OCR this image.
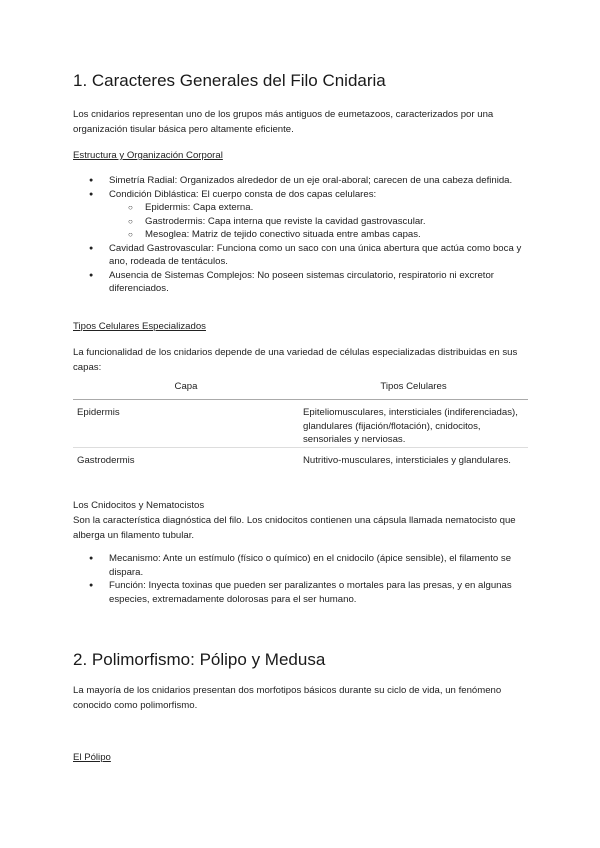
1. Caracteres Generales del Filo Cnidaria

Los cnidarios representan uno de los grupos más antiguos de eumetazoos, caracterizados por una organización tisular básica pero altamente eficiente.

Estructura y Organización Corporal
● Simetría Radial: Organizados alrededor de un eje oral-aboral; carecen de una cabeza definida.
● Condición Diblástica: El cuerpo consta de dos capas celulares:
○ Epidermis: Capa externa.
○ Gastrodermis: Capa interna que reviste la cavidad gastrovascular.
○ Mesoglea: Matriz de tejido conectivo situada entre ambas capas.
● Cavidad Gastrovascular: Funciona como un saco con una única abertura que actúa como boca y ano, rodeada de tentáculos.
● Ausencia de Sistemas Complejos: No poseen sistemas circulatorio, respiratorio ni excretor diferenciados.
Tipos Celulares Especializados

La funcionalidad de los cnidarios depende de una variedad de células especializadas distribuidas en sus capas:

Capa	Tipos Celulares
Epidermis	Epiteliomusculares, intersticiales (indiferenciadas), glandulares (fijación/flotación), cnidocitos, sensoriales y nerviosas.
Gastrodermis	Nutritivo-musculares, intersticiales y glandulares.
Los Cnidocitos y Nematocistos

Son la característica diagnóstica del filo. Los cnidocitos contienen una cápsula llamada nematocisto que alberga un filamento tubular.

● Mecanismo: Ante un estímulo (físico o químico) en el cnidocilo (ápice sensible), el filamento se dispara.
● Función: Inyecta toxinas que pueden ser paralizantes o mortales para las presas, y en algunas especies, extremadamente dolorosas para el ser humano.
2. Polimorfismo: Pólipo y Medusa

La mayoría de los cnidarios presentan dos morfotipos básicos durante su ciclo de vida, un fenómeno conocido como polimorfismo.

El Pólipo
